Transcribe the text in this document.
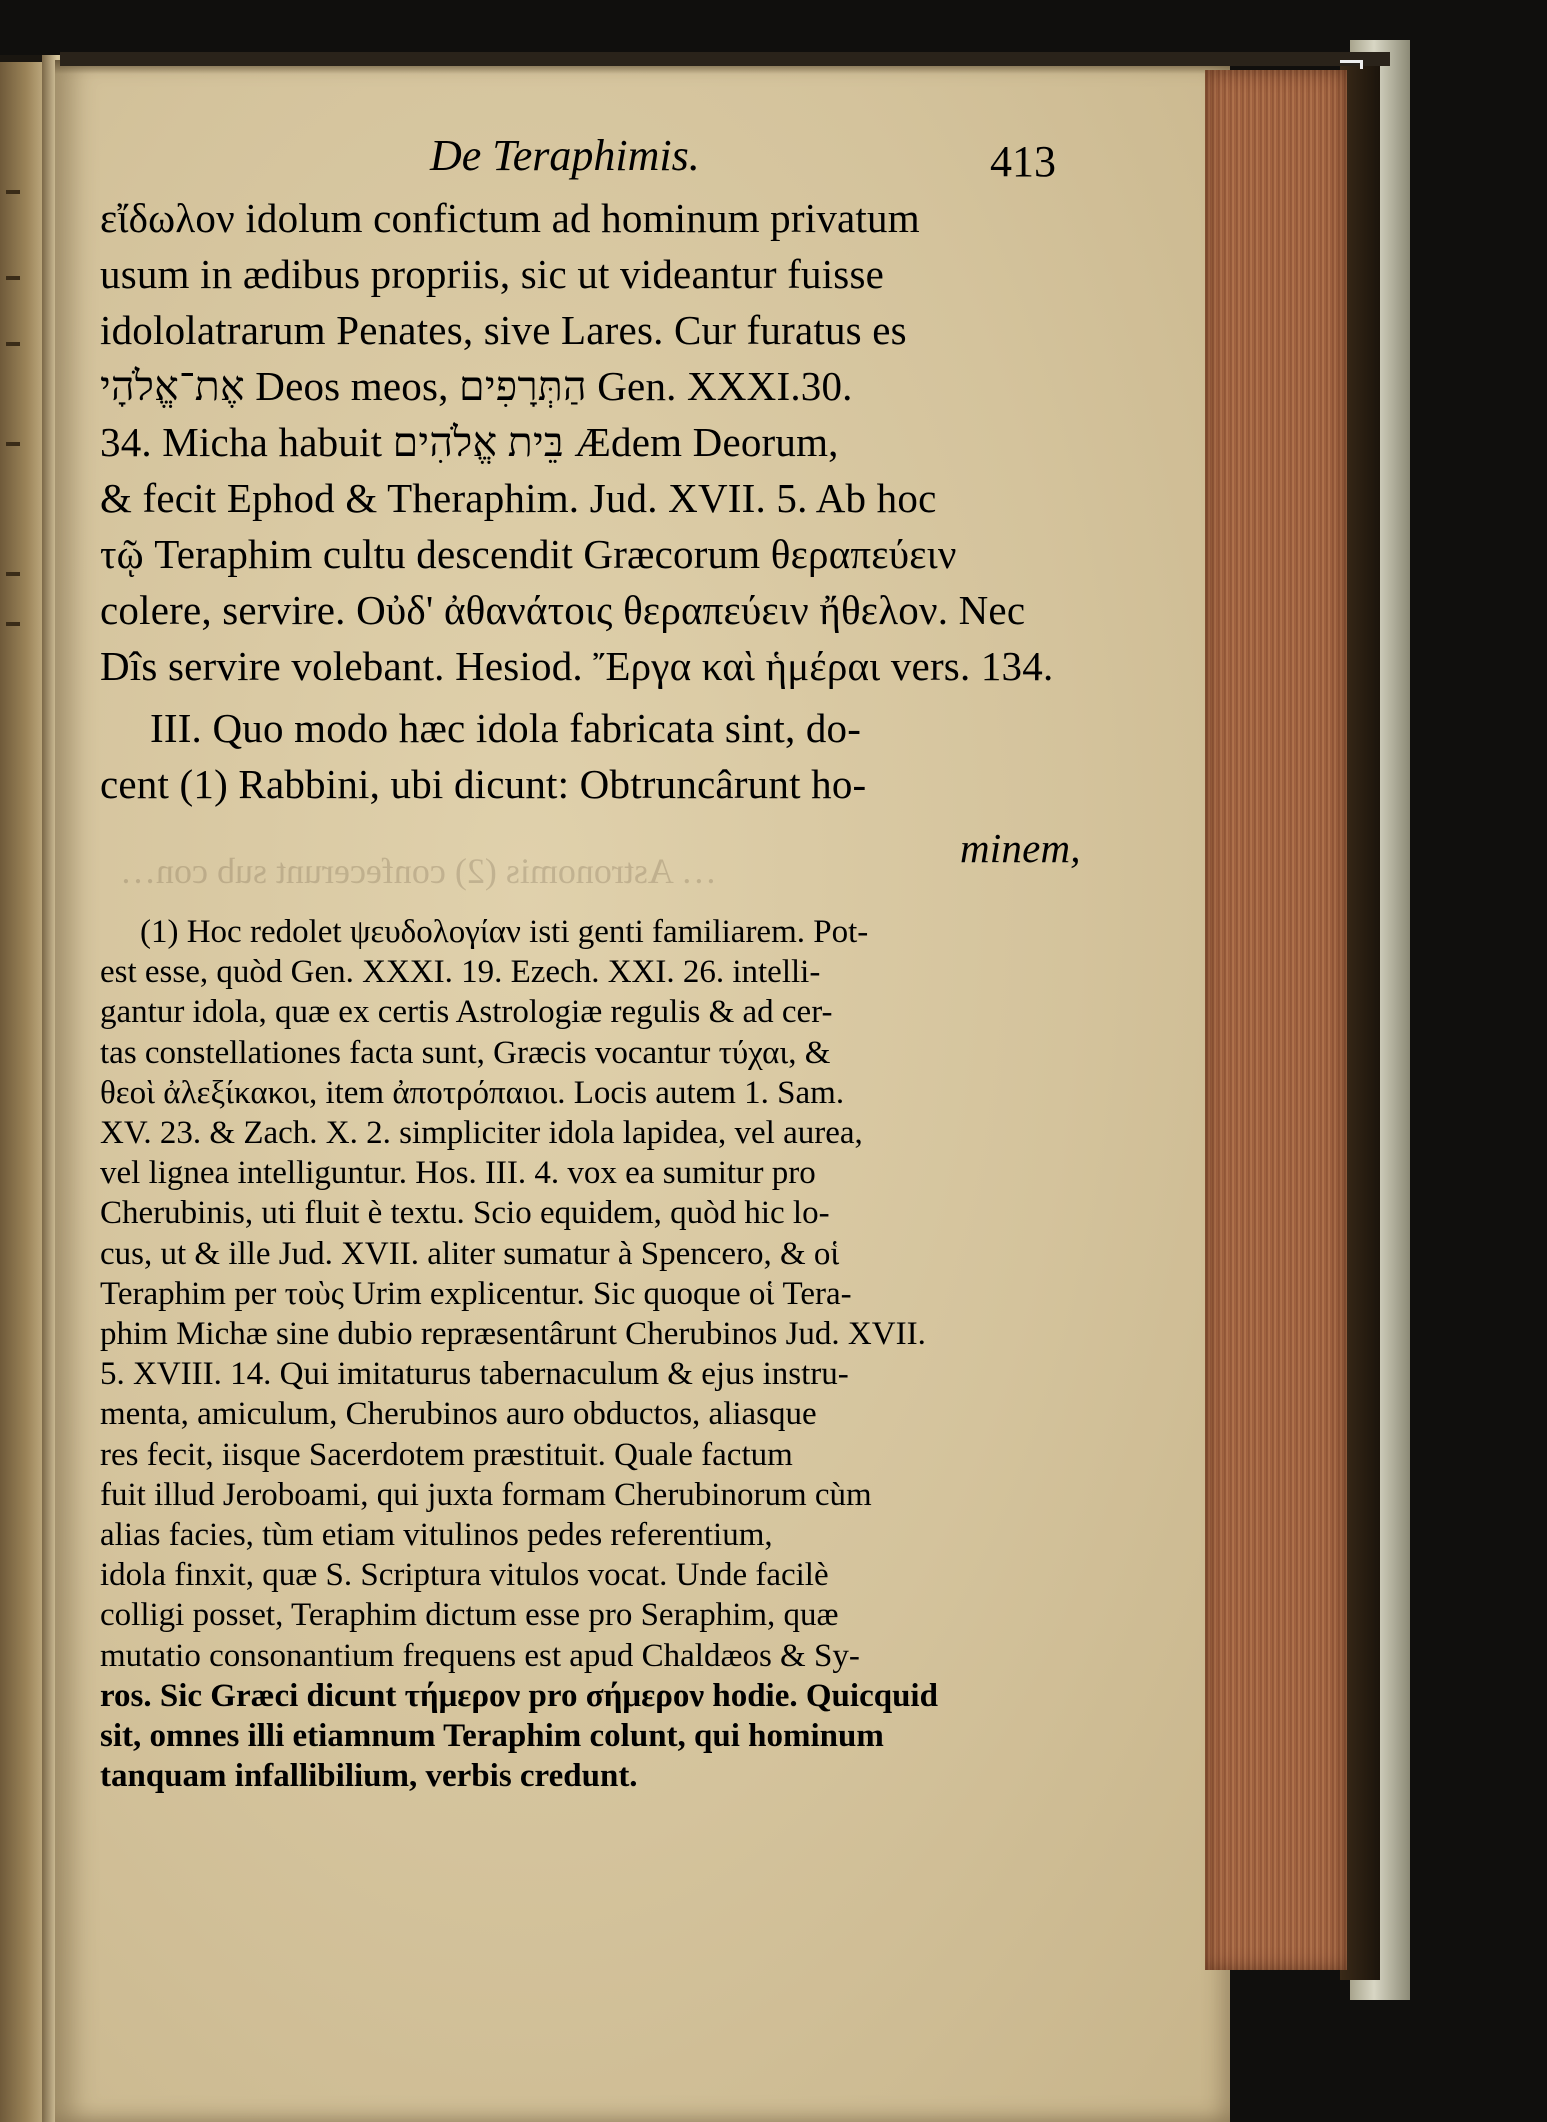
De Teraphimis.	413
… Astronomis (2) confecerunt sub con…
εἴδωλον idolum confictum ad hominum privatum
usum in ædibus propriis, sic ut videantur fuisse
idololatrarum Penates, sive Lares. Cur furatus es
אֶת־אֱלֹהָי Deos meos, הַתְּרָפִים Gen. XXXI.30.
34. Micha habuit בֵּית אֱלֹהִים Ædem Deorum,
& fecit Ephod & Theraphim. Jud. XVII. 5. Ab hoc
τῷ Teraphim cultu descendit Græcorum θεραπεύειν
colere, servire. Οὐδ' ἀθανάτοις θεραπεύειν ἤθελον. Nec
Dîs servire volebant. Hesiod. Ἔργα καὶ ἡμέραι vers. 134.
III. Quo modo hæc idola fabricata sint, do-
cent (1) Rabbini, ubi dicunt: Obtruncârunt ho-
minem,
(1) Hoc redolet ψευδολογίαν isti genti familiarem. Pot-
est esse, quòd Gen. XXXI. 19. Ezech. XXI. 26. intelli-
gantur idola, quæ ex certis Astrologiæ regulis & ad cer-
tas constellationes facta sunt, Græcis vocantur τύχαι, &
θεοὶ ἀλεξίκακοι, item ἀποτρόπαιοι. Locis autem 1. Sam.
XV. 23. & Zach. X. 2. simpliciter idola lapidea, vel aurea,
vel lignea intelliguntur. Hos. III. 4. vox ea sumitur pro
Cherubinis, uti fluit è textu. Scio equidem, quòd hic lo-
cus, ut & ille Jud. XVII. aliter sumatur à Spencero, & οἱ
Teraphim per τοὺς Urim explicentur. Sic quoque οἱ Tera-
phim Michæ sine dubio repræsentârunt Cherubinos Jud. XVII.
5. XVIII. 14. Qui imitaturus tabernaculum & ejus instru-
menta, amiculum, Cherubinos auro obductos, aliasque
res fecit, iisque Sacerdotem præstituit. Quale factum
fuit illud Jeroboami, qui juxta formam Cherubinorum cùm
alias facies, tùm etiam vitulinos pedes referentium,
idola finxit, quæ S. Scriptura vitulos vocat. Unde facilè
colligi posset, Teraphim dictum esse pro Seraphim, quæ
mutatio consonantium frequens est apud Chaldæos & Sy-
ros. Sic Græci dicunt τήμερον pro σήμερον hodie. Quicquid
sit, omnes illi etiamnum Teraphim colunt, qui hominum
tanquam infallibilium, verbis credunt.
